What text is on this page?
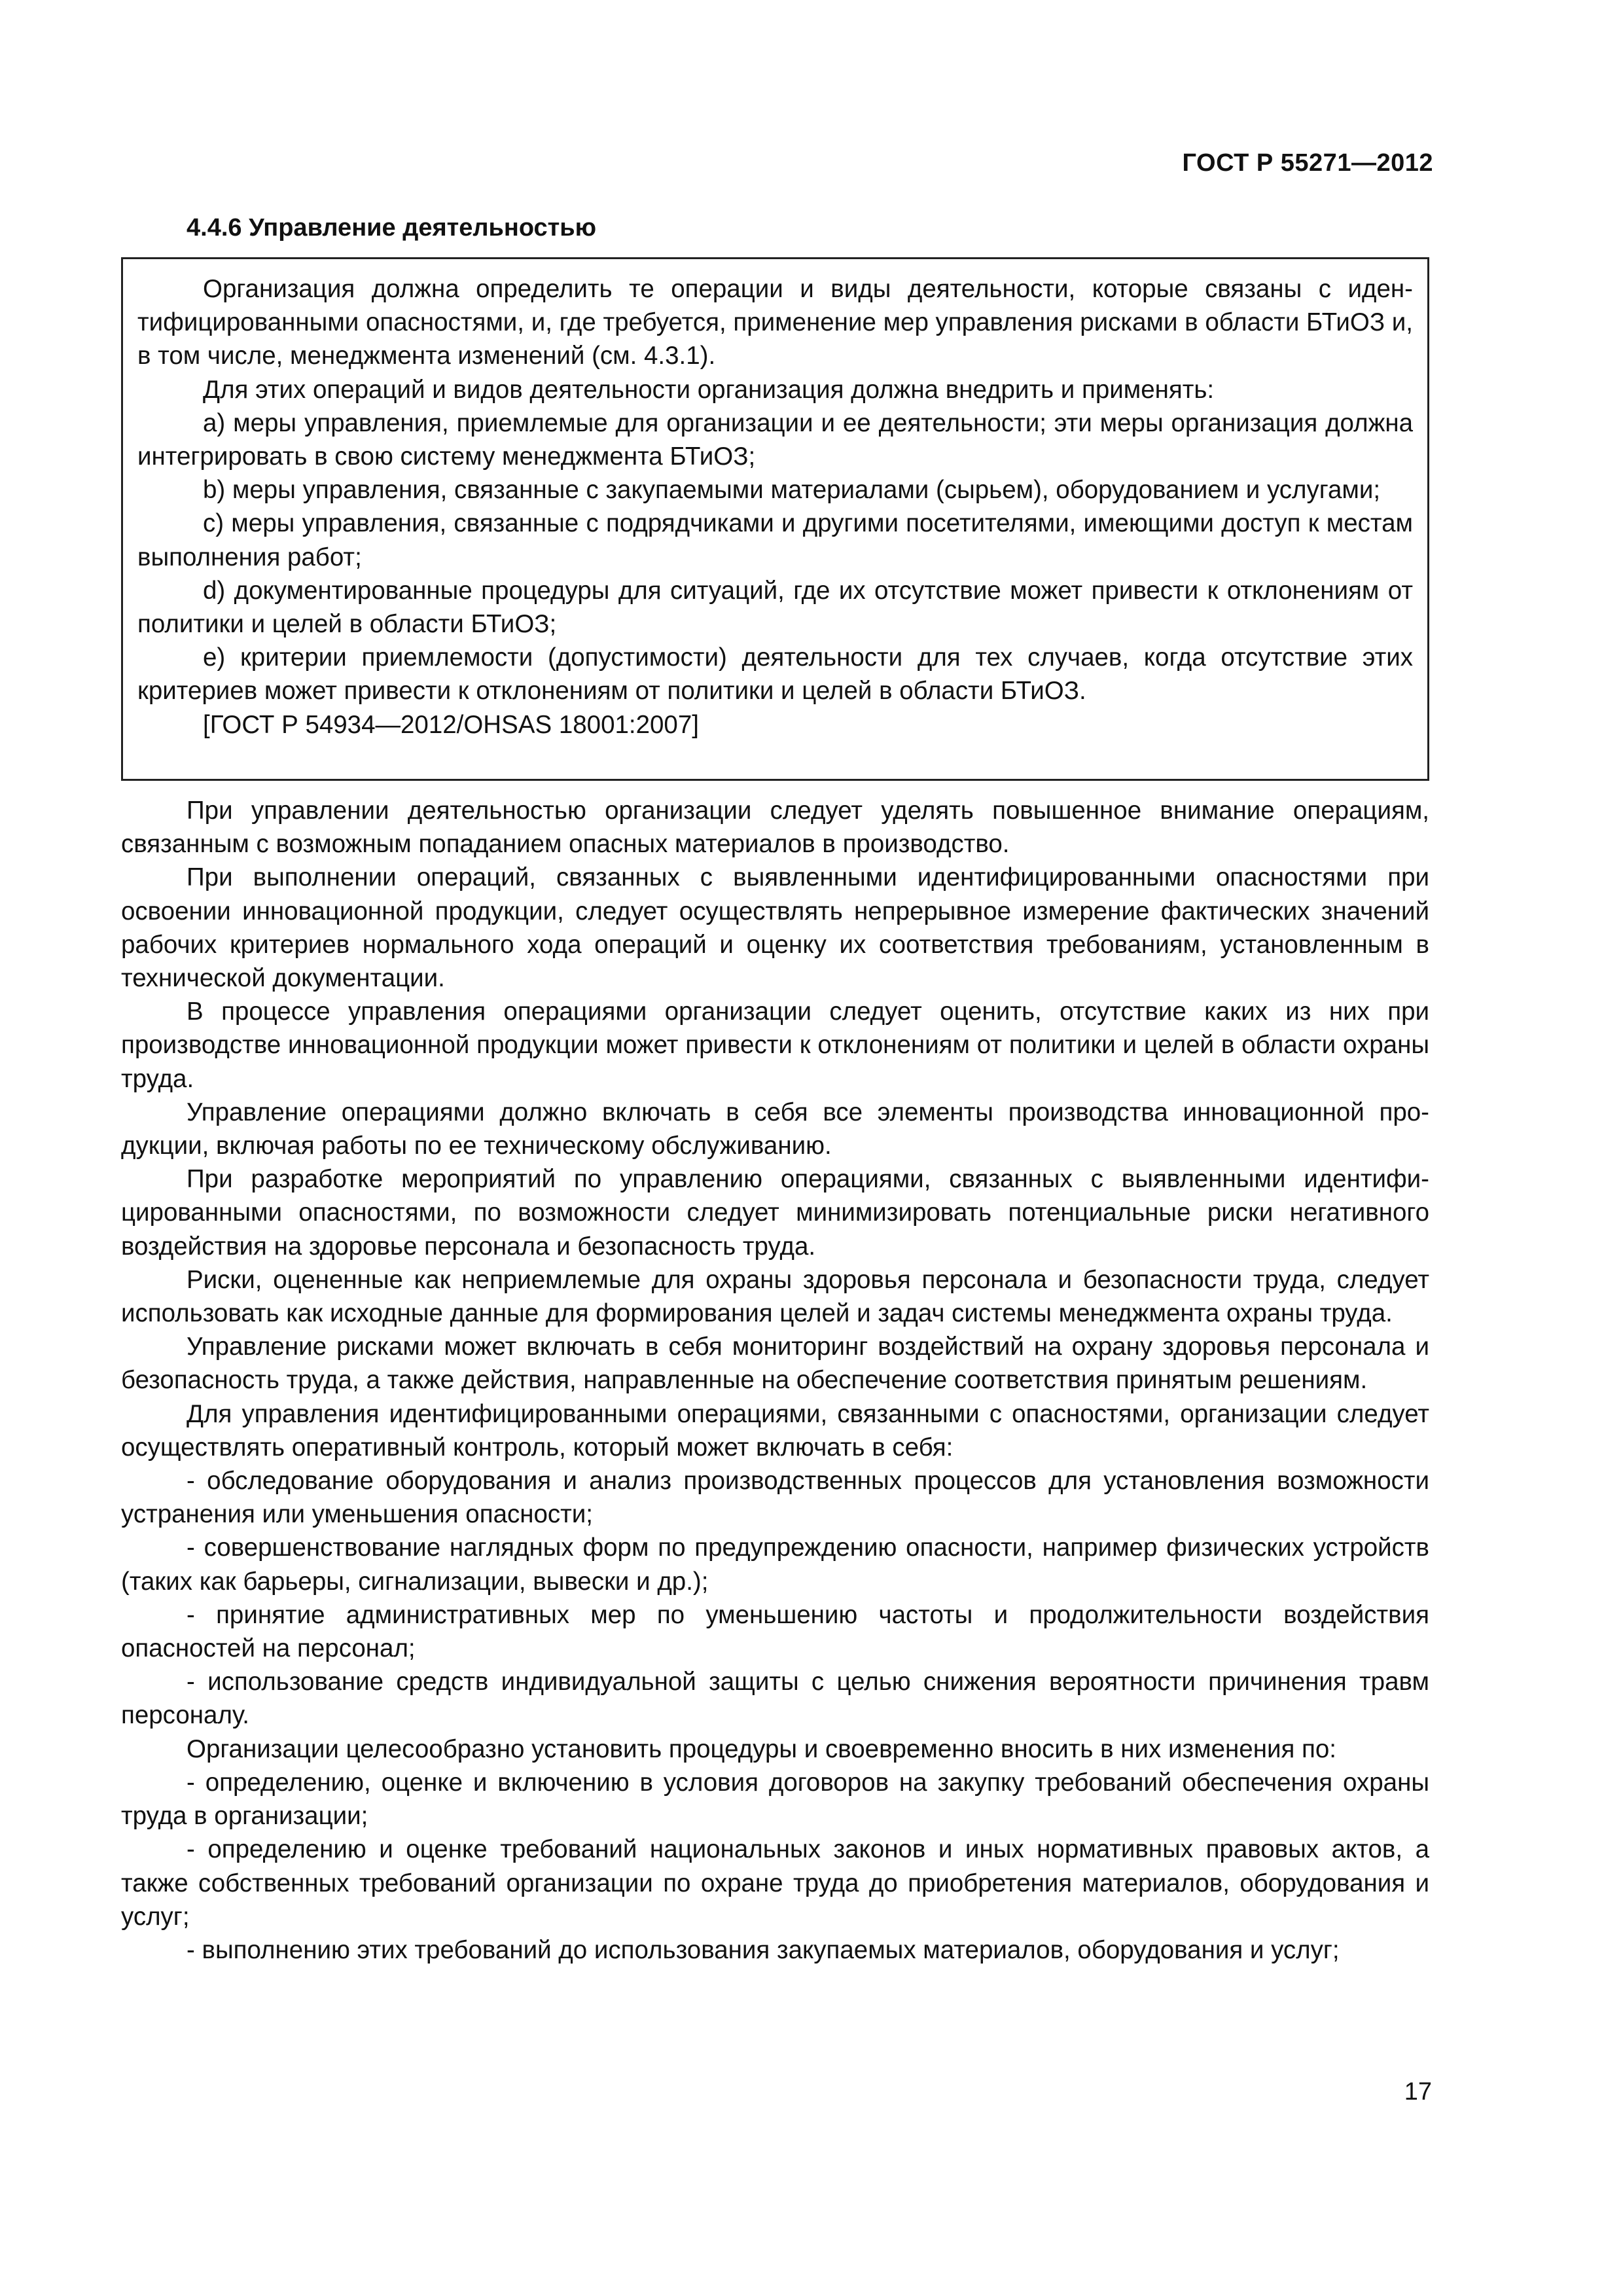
ГОСТ Р 55271—2012
4.4.6 Управление деятельностью

Организация должна определить те операции и виды деятельности, которые связаны с идентифицированными опасностями, и, где требуется, применение мер управления рисками в области БТиОЗ и, в том числе, менеджмента изменений (см. 4.3.1).

Для этих операций и видов деятельности организация должна внедрить и применять:

a) меры управления, приемлемые для организации и ее деятельности; эти меры организация должна интегрировать в свою систему менеджмента БТиОЗ;

b) меры управления, связанные с закупаемыми материалами (сырьем), оборудованием и услугами;

c) меры управления, связанные с подрядчиками и другими посетителями, имеющими доступ к местам выполнения работ;

d) документированные процедуры для ситуаций, где их отсутствие может привести к отклонениям от политики и целей в области БТиОЗ;

e) критерии приемлемости (допустимости) деятельности для тех случаев, когда отсутствие этих критериев может привести к отклонениям от политики и целей в области БТиОЗ.

[ГОСТ Р 54934—2012/OHSAS 18001:2007]

При управлении деятельностью организации следует уделять повышенное внимание операциям, связанным с возможным попаданием опасных материалов в производство.

При выполнении операций, связанных с выявленными идентифицированными опасностями при освоении инновационной продукции, следует осуществлять непрерывное измерение фактических значений рабочих критериев нормального хода операций и оценку их соответствия требованиям, установленным в технической документации.

В процессе управления операциями организации следует оценить, отсутствие каких из них при производстве инновационной продукции может привести к отклонениям от политики и целей в области охраны труда.

Управление операциями должно включать в себя все элементы производства инновационной продукции, включая работы по ее техническому обслуживанию.

При разработке мероприятий по управлению операциями, связанных с выявленными идентифицированными опасностями, по возможности следует минимизировать потенциальные риски негативного воздействия на здоровье персонала и безопасность труда.

Риски, оцененные как неприемлемые для охраны здоровья персонала и безопасности труда, следует использовать как исходные данные для формирования целей и задач системы менеджмента охраны труда.

Управление рисками может включать в себя мониторинг воздействий на охрану здоровья персонала и безопасность труда, а также действия, направленные на обеспечение соответствия принятым решениям.

Для управления идентифицированными операциями, связанными с опасностями, организации следует осуществлять оперативный контроль, который может включать в себя:

- обследование оборудования и анализ производственных процессов для установления возможности устранения или уменьшения опасности;

- совершенствование наглядных форм по предупреждению опасности, например физических устройств (таких как барьеры, сигнализации, вывески и др.);

- принятие административных мер по уменьшению частоты и продолжительности воздействия опасностей на персонал;

- использование средств индивидуальной защиты с целью снижения вероятности причинения травм персоналу.

Организации целесообразно установить процедуры и своевременно вносить в них изменения по:

- определению, оценке и включению в условия договоров на закупку требований обеспечения охраны труда в организации;

- определению и оценке требований национальных законов и иных нормативных правовых актов, а также собственных требований организации по охране труда до приобретения материалов, оборудования и услуг;

- выполнению этих требований до использования закупаемых материалов, оборудования и услуг;

17
